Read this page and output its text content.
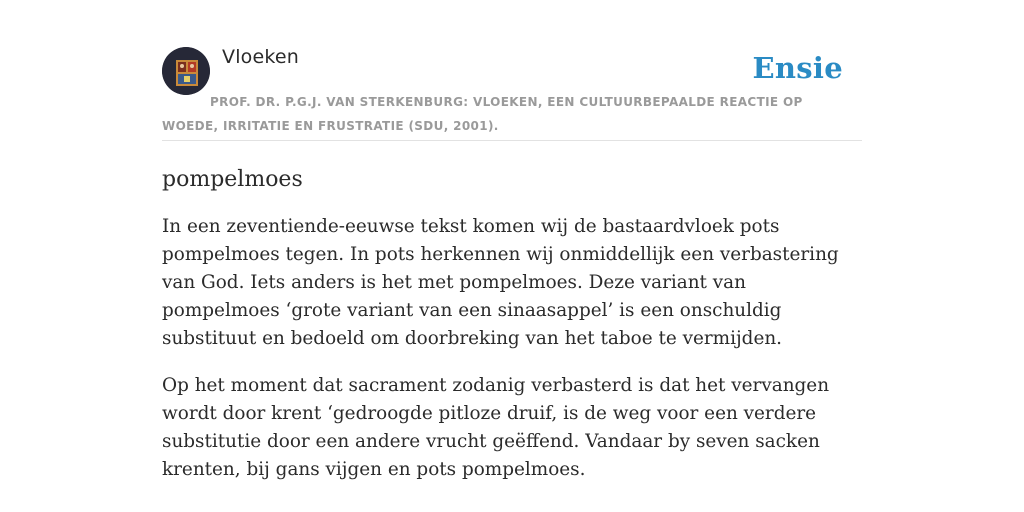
Vloeken	Ensie
PROF. DR. P.G.J. VAN STERKENBURG: VLOEKEN, EEN CULTUURBEPAALDE REACTIE OP WOEDE, IRRITATIE EN FRUSTRATIE (SDU, 2001).
pompelmoes

In een zeventiende-eeuwse tekst komen wij de bastaardvloek pots pompelmoes tegen. In pots herkennen wij onmiddellijk een verbastering van God. Iets anders is het met pompelmoes. Deze variant van pompelmoes ‘grote variant van een sinaasappel’ is een onschuldig substituut en bedoeld om doorbreking van het taboe te vermijden.

Op het moment dat sacrament zodanig verbasterd is dat het vervangen wordt door krent ‘gedroogde pitloze druif, is de weg voor een verdere substitutie door een andere vrucht geëffend. Vandaar by seven sacken krenten, bij gans vijgen en pots pompelmoes.
